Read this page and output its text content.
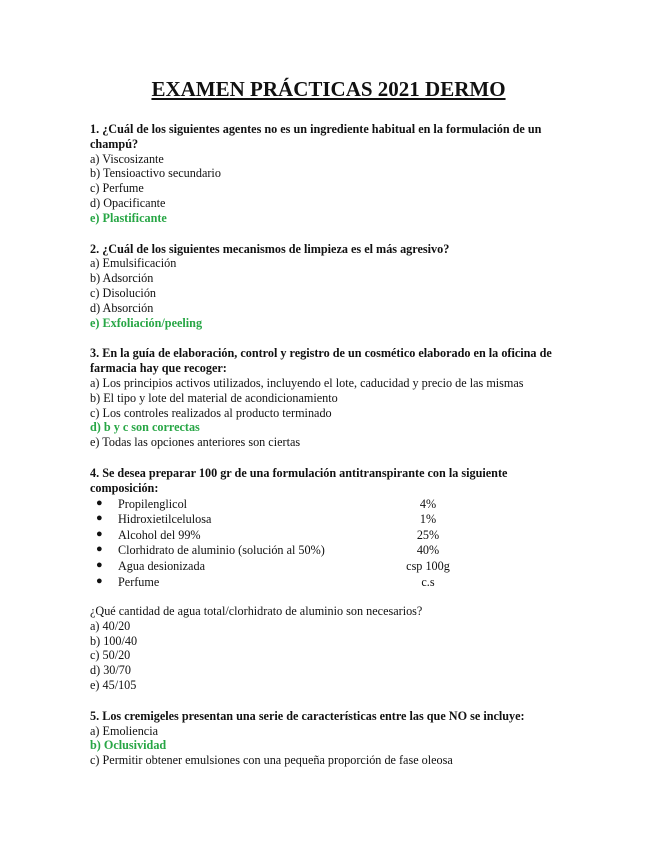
EXAMEN PRÁCTICAS 2021 DERMO
1. ¿Cuál de los siguientes agentes no es un ingrediente habitual en la formulación de un champú?
a) Viscosizante
b) Tensioactivo secundario
c) Perfume
d) Opacificante
e) Plastificante
2. ¿Cuál de los siguientes mecanismos de limpieza es el más agresivo?
a) Emulsificación
b) Adsorción
c) Disolución
d) Absorción
e) Exfoliación/peeling
3. En la guía de elaboración, control y registro de un cosmético elaborado en la oficina de farmacia hay que recoger:
a) Los principios activos utilizados, incluyendo el lote, caducidad y precio de las mismas
b) El tipo y lote del material de acondicionamiento
c) Los controles realizados al producto terminado
d) b y c son correctas
e) Todas las opciones anteriores son ciertas
4. Se desea preparar 100 gr de una formulación antitranspirante con la siguiente composición:
● Propilenglicol	4%
● Hidroxietilcelulosa	1%
● Alcohol del 99%	25%
● Clorhidrato de aluminio (solución al 50%)	40%
● Agua desionizada	csp 100g
● Perfume	c.s
¿Qué cantidad de agua total/clorhidrato de aluminio son necesarios?
a) 40/20
b) 100/40
c) 50/20
d) 30/70
e) 45/105
5. Los cremigeles presentan una serie de características entre las que NO se incluye:
a) Emoliencia
b) Oclusividad
c) Permitir obtener emulsiones con una pequeña proporción de fase oleosa
